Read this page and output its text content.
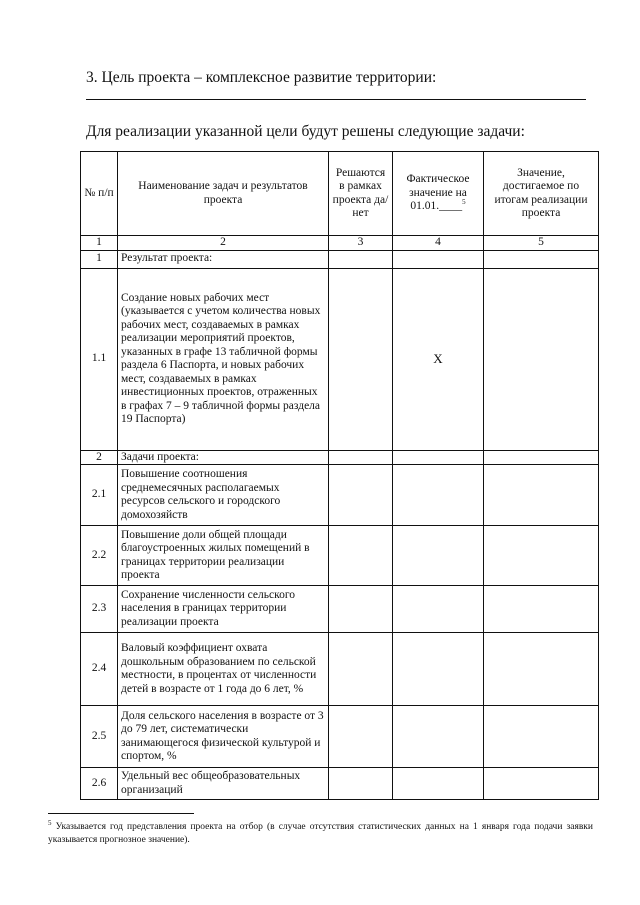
3. Цель проекта – комплексное развитие территории:
Для реализации указанной цели будут решены следующие задачи:
№ п/п	Наименование задач и результатов проекта	Решаются в рамках проекта да/нет	Фактическое значение на 01.01.____$^5$	Значение, достигаемое по итогам реализации проекта
1	2	3	4	5
1	Результат проекта:			
1.1	Создание новых рабочих мест (указывается с учетом количества новых рабочих мест, создаваемых в рамках реализации мероприятий проектов, указанных в графе 13 табличной формы раздела 6 Паспорта, и новых рабочих мест, создаваемых в рамках инвестиционных проектов, отраженных в графах 7 – 9 табличной формы раздела 19 Паспорта)		X	
2	Задачи проекта:			
2.1	Повышение соотношения среднемесячных располагаемых ресурсов сельского и городского домохозяйств			
2.2	Повышение доли общей площади благоустроенных жилых помещений в границах территории реализации проекта			
2.3	Сохранение численности сельского населения в границах территории реализации проекта			
2.4	Валовый коэффициент охвата дошкольным образованием по сельской местности, в процентах от численности детей в возрасте от 1 года до 6 лет, %			
2.5	Доля сельского населения в возрасте от 3 до 79 лет, систематически занимающегося физической культурой и спортом, %			
2.6	Удельный вес общеобразовательных организаций			
$^5$ Указывается год представления проекта на отбор (в случае отсутствия статистических данных на 1 января года подачи заявки указывается прогнозное значение).
